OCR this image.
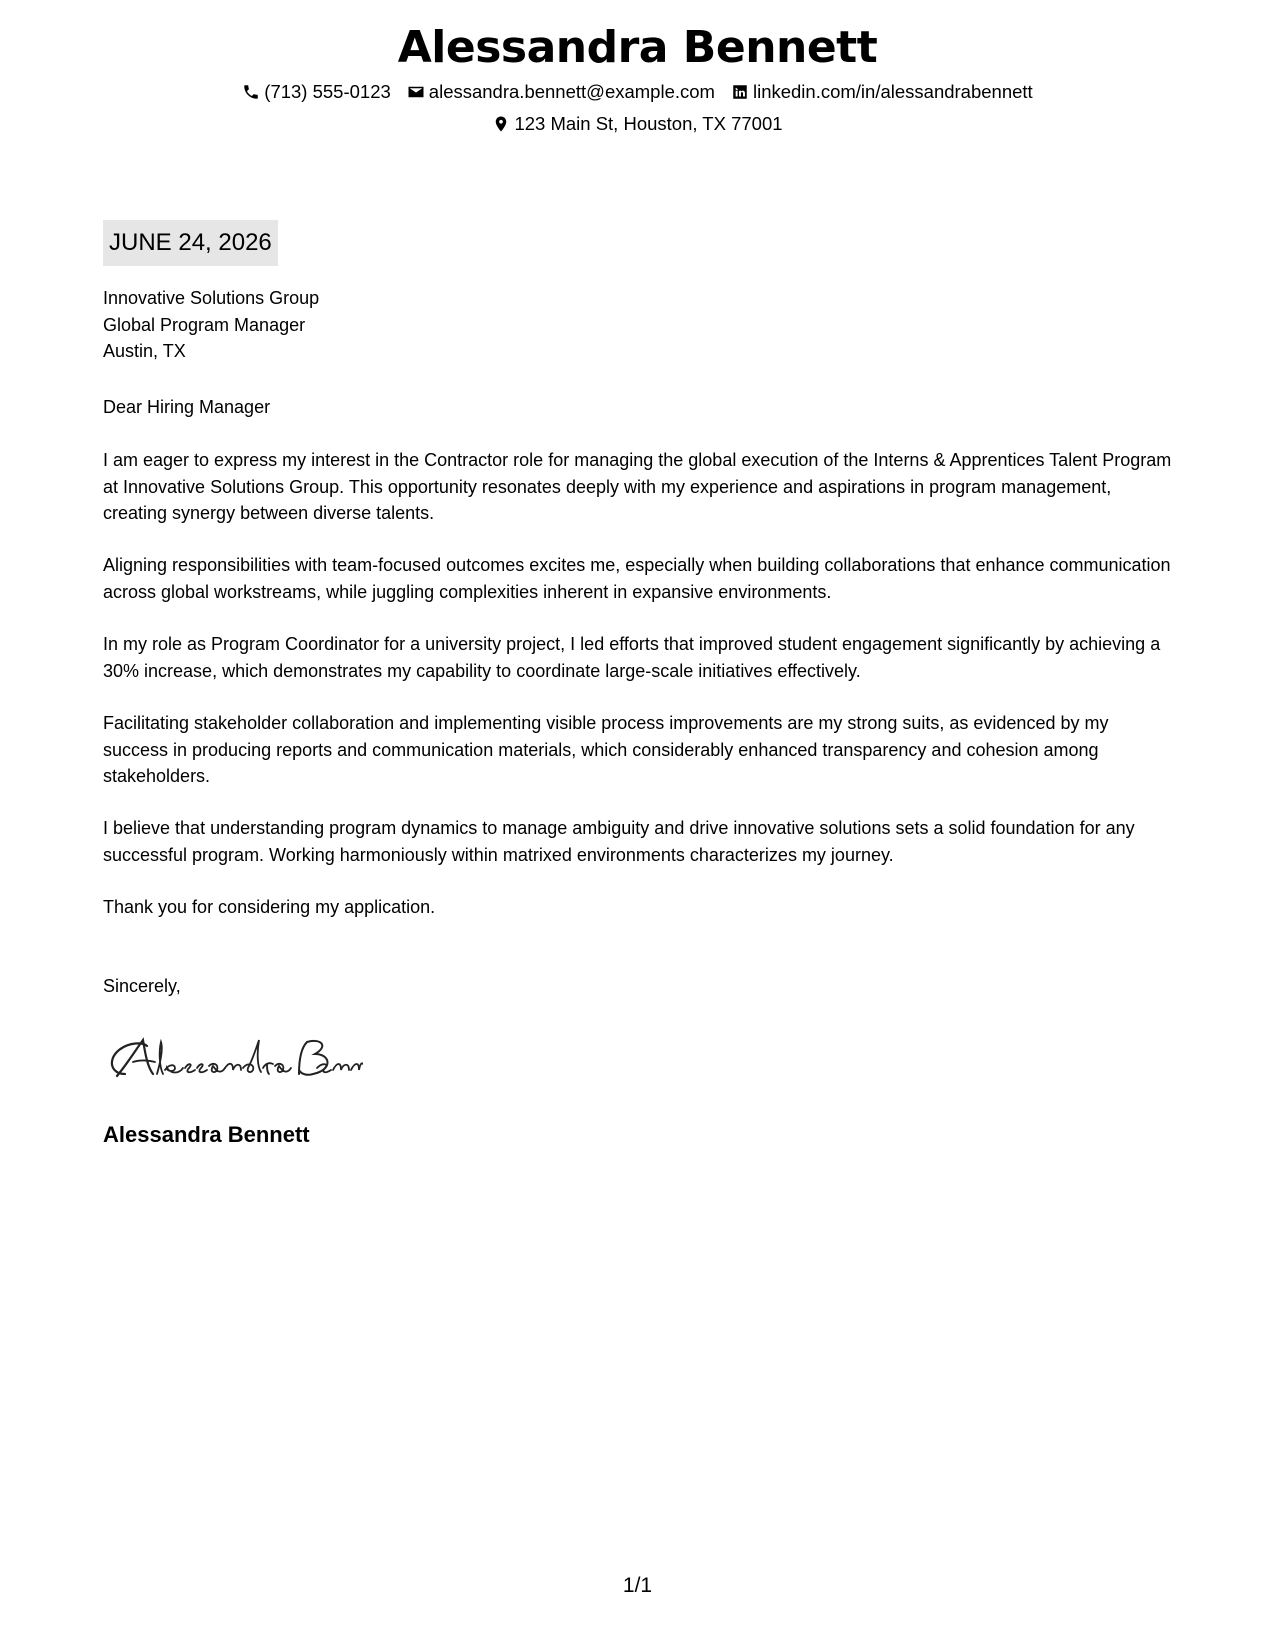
Alessandra Bennett
(713) 555-0123 alessandra.bennett@example.com linkedin.com/in/alessandrabennett
123 Main St, Houston, TX 77001
JUNE 24, 2026
Innovative Solutions Group
Global Program Manager
Austin, TX

Dear Hiring Manager

I am eager to express my interest in the Contractor role for managing the global execution of the Interns & Apprentices Talent Program at Innovative Solutions Group. This opportunity resonates deeply with my experience and aspirations in program management, creating synergy between diverse talents.

Aligning responsibilities with team-focused outcomes excites me, especially when building collaborations that enhance communication across global workstreams, while juggling complexities inherent in expansive environments.

In my role as Program Coordinator for a university project, I led efforts that improved student engagement significantly by achieving a 30% increase, which demonstrates my capability to coordinate large-scale initiatives effectively.

Facilitating stakeholder collaboration and implementing visible process improvements are my strong suits, as evidenced by my success in producing reports and communication materials, which considerably enhanced transparency and cohesion among stakeholders.

I believe that understanding program dynamics to manage ambiguity and drive innovative solutions sets a solid foundation for any successful program. Working harmoniously within matrixed environments characterizes my journey.

Thank you for considering my application.

Sincerely,

Alessandra Bennett
1/1
